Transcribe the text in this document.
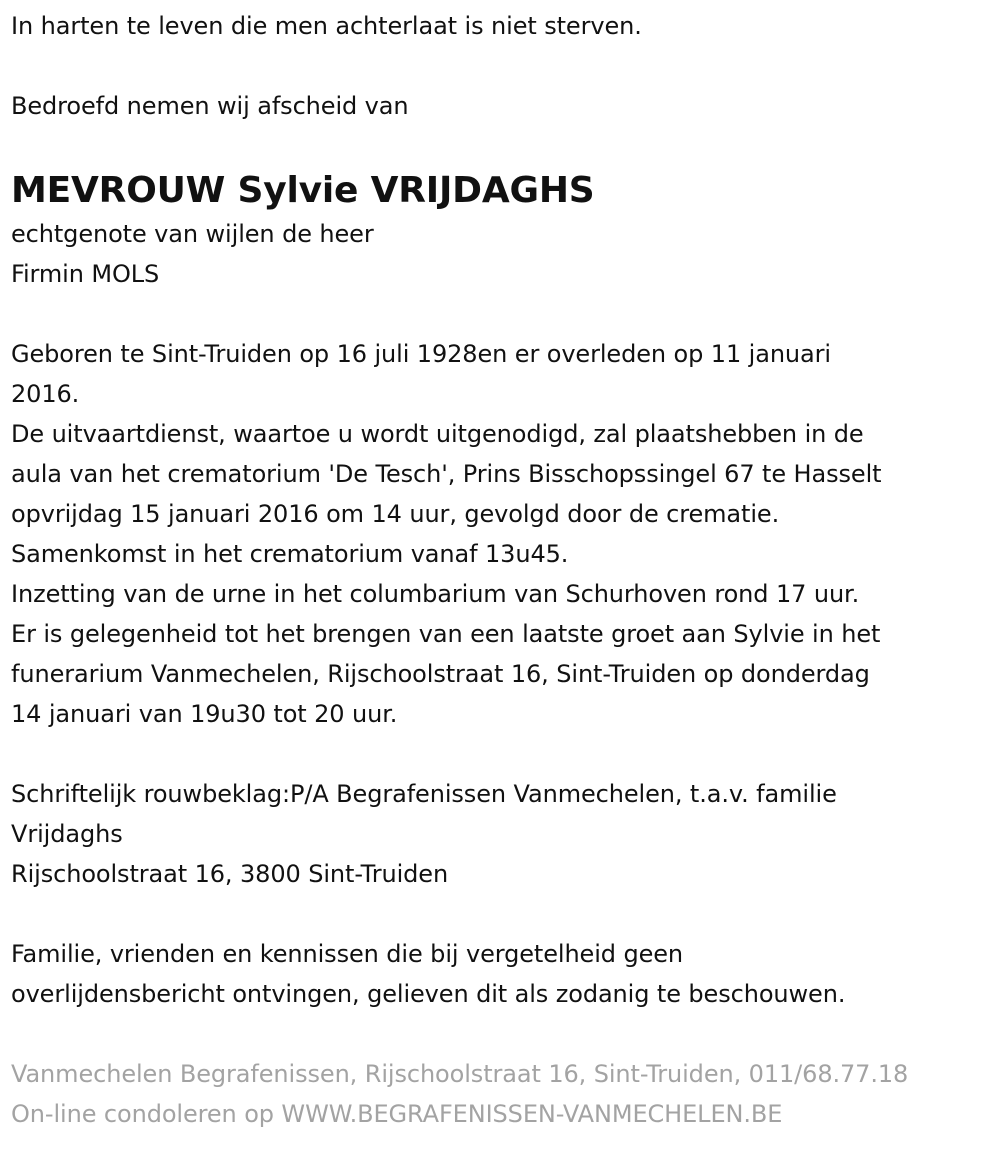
In harten te leven die men achterlaat is niet sterven.
Bedroefd nemen wij afscheid van
MEVROUW Sylvie VRIJDAGHS
echtgenote van wijlen de heer
Firmin MOLS
Geboren te Sint-Truiden op 16 juli 1928en er overleden op 11 januari
2016.
De uitvaartdienst, waartoe u wordt uitgenodigd, zal plaatshebben in de
aula van het crematorium 'De Tesch', Prins Bisschopssingel 67 te Hasselt
opvrijdag 15 januari 2016 om 14 uur, gevolgd door de crematie.
Samenkomst in het crematorium vanaf 13u45.
Inzetting van de urne in het columbarium van Schurhoven rond 17 uur.
Er is gelegenheid tot het brengen van een laatste groet aan Sylvie in het
funerarium Vanmechelen, Rijschoolstraat 16, Sint-Truiden op donderdag
14 januari van 19u30 tot 20 uur.
Schriftelijk rouwbeklag:P/A Begrafenissen Vanmechelen, t.a.v. familie
Vrijdaghs
Rijschoolstraat 16, 3800 Sint-Truiden
Familie, vrienden en kennissen die bij vergetelheid geen
overlijdensbericht ontvingen, gelieven dit als zodanig te beschouwen.
Vanmechelen Begrafenissen, Rijschoolstraat 16, Sint-Truiden, 011/68.77.18
On-line condoleren op WWW.BEGRAFENISSEN-VANMECHELEN.BE
